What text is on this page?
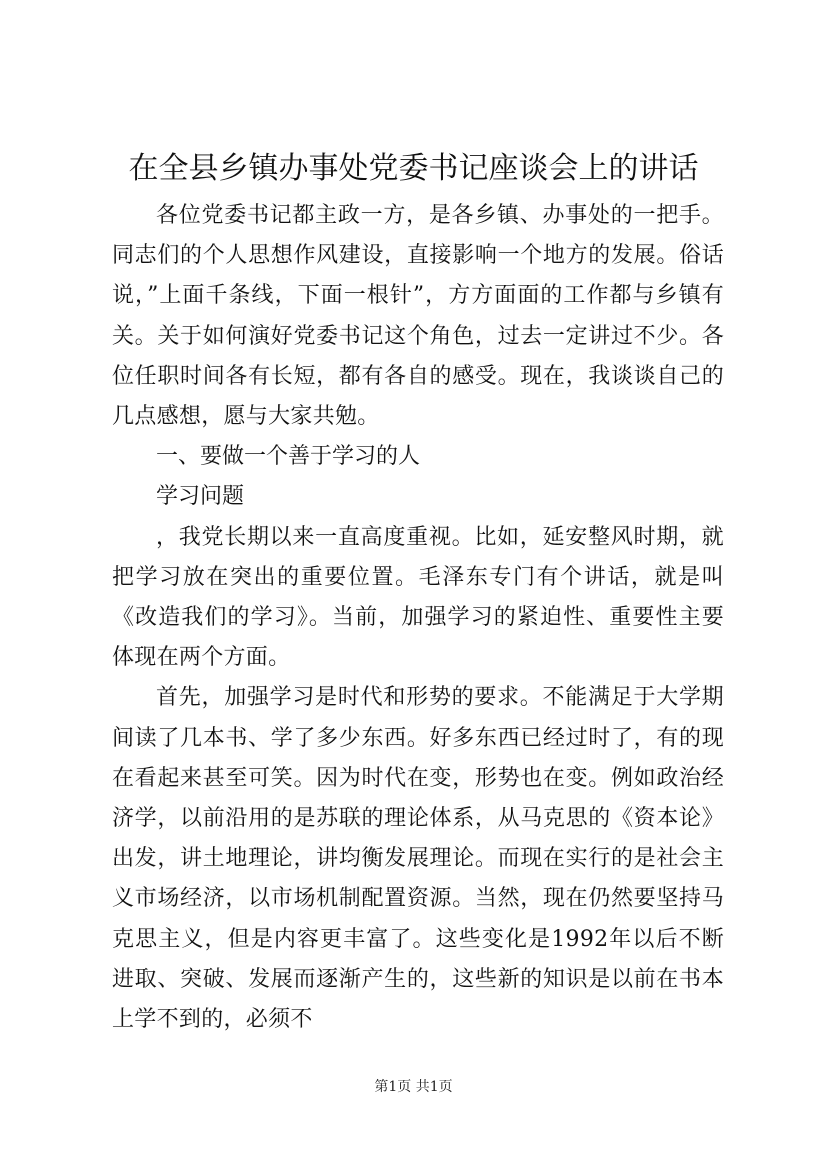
在全县乡镇办事处党委书记座谈会上的讲话

各位党委书记都主政一方，是各乡镇、办事处的一把手。同志们的个人思想作风建设，直接影响一个地方的发展。俗话说，”上面千条线，下面一根针”，方方面面的工作都与乡镇有关。关于如何演好党委书记这个角色，过去一定讲过不少。各位任职时间各有长短，都有各自的感受。现在，我谈谈自己的几点感想，愿与大家共勉。

一、要做一个善于学习的人

学习问题

，我党长期以来一直高度重视。比如，延安整风时期，就把学习放在突出的重要位置。毛泽东专门有个讲话，就是叫《改造我们的学习》。当前，加强学习的紧迫性、重要性主要体现在两个方面。

首先，加强学习是时代和形势的要求。不能满足于大学期间读了几本书、学了多少东西。好多东西已经过时了，有的现在看起来甚至可笑。因为时代在变，形势也在变。例如政治经济学，以前沿用的是苏联的理论体系，从马克思的《资本论》出发，讲土地理论，讲均衡发展理论。而现在实行的是社会主义市场经济，以市场机制配置资源。当然，现在仍然要坚持马克思主义，但是内容更丰富了。这些变化是1992年以后不断进取、突破、发展而逐渐产生的，这些新的知识是以前在书本上学不到的，必须不

第1页 共1页
